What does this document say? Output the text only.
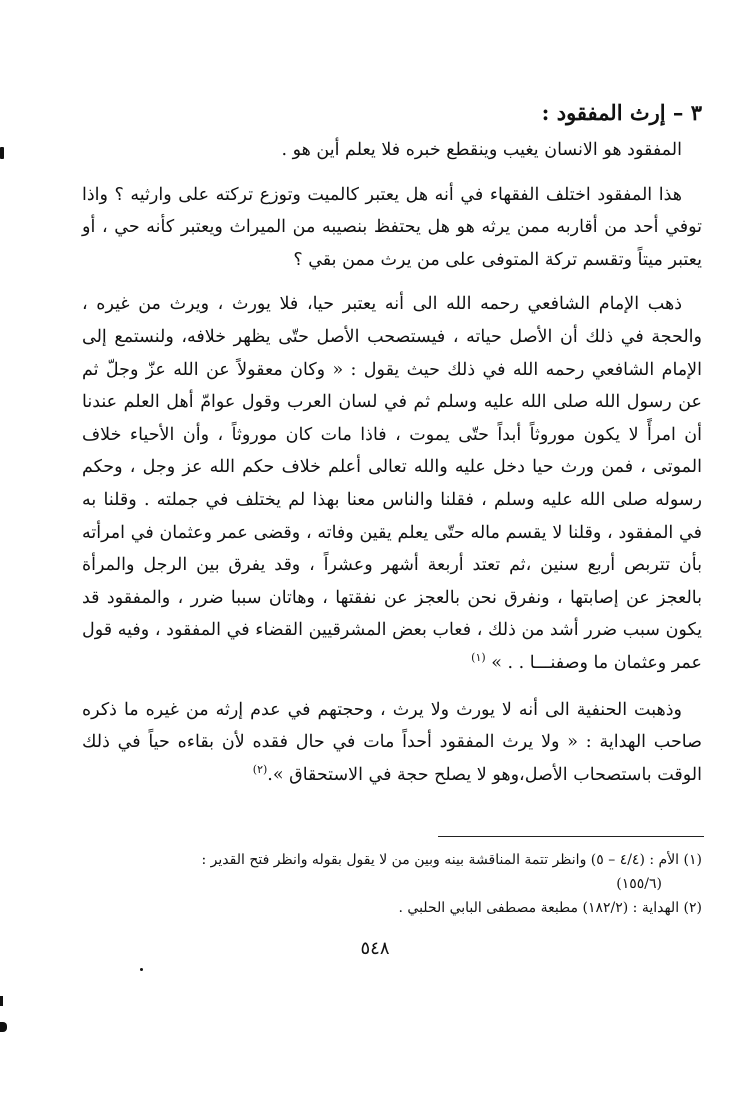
٣ – إرث المفقود :

المفقود هو الانسان يغيب وينقطع خبره فلا يعلم أين هو .

هذا المفقود اختلف الفقهاء في أنه هل يعتبر كالميت وتوزع تركته على وارثيه ؟ واذا توفي أحد من أقاربه ممن يرثه هو هل يحتفظ بنصيبه من الميراث ويعتبر كأنه حي ، أو يعتبر ميتاً وتقسم تركة المتوفى على من يرث ممن بقي ؟

ذهب الإمام الشافعي رحمه الله الى أنه يعتبر حيا، فلا يورث ، ويرث من غيره ، والحجة في ذلك أن الأصل حياته ، فيستصحب الأصل حتّى يظهر خلافه، ولنستمع إلى الإمام الشافعي رحمه الله في ذلك حيث يقول : « وكان معقولاً عن الله عزّ وجلّ ثم عن رسول الله صلى الله عليه وسلم ثم في لسان العرب وقول عوامّ أهل العلم عندنا أن امرأً لا يكون موروثاً أبداً حتّى يموت ، فاذا مات كان موروثاً ، وأن الأحياء خلاف الموتى ، فمن ورث حيا دخل عليه والله تعالى أعلم خلاف حكم الله عز وجل ، وحكم رسوله صلى الله عليه وسلم ، فقلنا والناس معنا بهذا لم يختلف في جملته . وقلنا به في المفقود ، وقلنا لا يقسم ماله حتّى يعلم يقين وفاته ، وقضى عمر وعثمان في امرأته بأن تتربص أربع سنين ،ثم تعتد أربعة أشهر وعشراً ، وقد يفرق بين الرجل والمرأة بالعجز عن إصابتها ، ونفرق نحن بالعجز عن نفقتها ، وهاتان سببا ضرر ، والمفقود قد يكون سبب ضرر أشد من ذلك ، فعاب بعض المشرقيين القضاء في المفقود ، وفيه قول عمر وعثمان ما وصفنـــا . . » $^{(١)}$

وذهبت الحنفية الى أنه لا يورث ولا يرث ، وحجتهم في عدم إرثه من غيره ما ذكره صاحب الهداية : « ولا يرث المفقود أحداً مات في حال فقده لأن بقاءه حياً في ذلك الوقت باستصحاب الأصل،وهو لا يصلح حجة في الاستحقاق ».$^{(٢)}$

(١) الأم : (٤/٤ – ٥) وانظر تتمة المناقشة بينه وبين من لا يقول بقوله وانظر فتح القدير :

(١٥٥/٦)

(٢) الهداية : (١٨٢/٢) مطبعة مصطفى البابي الحلبي .

٥٤٨
